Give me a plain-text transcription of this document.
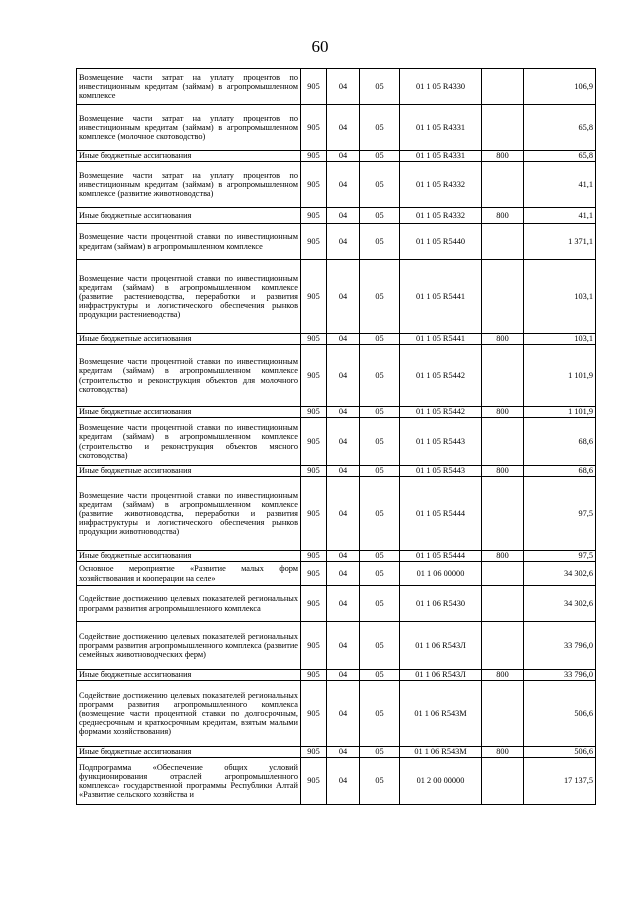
60
Возмещение части затрат на уплату процентов по инвестиционным кредитам (займам) в агропромышленном комплексе	905	04	05	01 1 05 R4330		106,9
Возмещение части затрат на уплату процентов по инвестиционным кредитам (займам) в агропромышленном комплексе (молочное скотоводство)	905	04	05	01 1 05 R4331		65,8
Иные бюджетные ассигнования	905	04	05	01 1 05 R4331	800	65,8
Возмещение части затрат на уплату процентов по инвестиционным кредитам (займам) в агропромышленном комплексе (развитие животноводства)	905	04	05	01 1 05 R4332		41,1
Иные бюджетные ассигнования	905	04	05	01 1 05 R4332	800	41,1
Возмещение части процентной ставки по инвестиционным кредитам (займам) в агропромышленном комплексе	905	04	05	01 1 05 R5440		1 371,1
Возмещение части процентной ставки по инвестиционным кредитам (займам) в агропромышленном комплексе (развитие растениеводства, переработки и развития инфраструктуры и логистического обеспечения рынков продукции растениеводства)	905	04	05	01 1 05 R5441		103,1
Иные бюджетные ассигнования	905	04	05	01 1 05 R5441	800	103,1
Возмещение части процентной ставки по инвестиционным кредитам (займам) в агропромышленном комплексе (строительство и реконструкция объектов для молочного скотоводства)	905	04	05	01 1 05 R5442		1 101,9
Иные бюджетные ассигнования	905	04	05	01 1 05 R5442	800	1 101,9
Возмещение части процентной ставки по инвестиционным кредитам (займам) в агропромышленном комплексе (строительство и реконструкция объектов мясного скотоводства)	905	04	05	01 1 05 R5443		68,6
Иные бюджетные ассигнования	905	04	05	01 1 05 R5443	800	68,6
Возмещение части процентной ставки по инвестиционным кредитам (займам) в агропромышленном комплексе (развитие животноводства, переработки и развития инфраструктуры и логистического обеспечения рынков продукции животноводства)	905	04	05	01 1 05 R5444		97,5
Иные бюджетные ассигнования	905	04	05	01 1 05 R5444	800	97,5
Основное мероприятие «Развитие малых форм хозяйствования и кооперации на селе»	905	04	05	01 1 06 00000		34 302,6
Содействие достижению целевых показателей региональных программ развития агропромышленного комплекса	905	04	05	01 1 06 R5430		34 302,6
Содействие достижению целевых показателей региональных программ развития агропромышленного комплекса (развитие семейных животноводческих ферм)	905	04	05	01 1 06 R543Л		33 796,0
Иные бюджетные ассигнования	905	04	05	01 1 06 R543Л	800	33 796,0
Содействие достижению целевых показателей региональных программ развития агропромышленного комплекса (возмещение части процентной ставки по долгосрочным, среднесрочным и краткосрочным кредитам, взятым малыми формами хозяйствования)	905	04	05	01 1 06 R543М		506,6
Иные бюджетные ассигнования	905	04	05	01 1 06 R543М	800	506,6
Подпрограмма «Обеспечение общих условий функционирования отраслей агропромышленного комплекса» государственной программы Республики Алтай «Развитие сельского хозяйства и	905	04	05	01 2 00 00000		17 137,5
